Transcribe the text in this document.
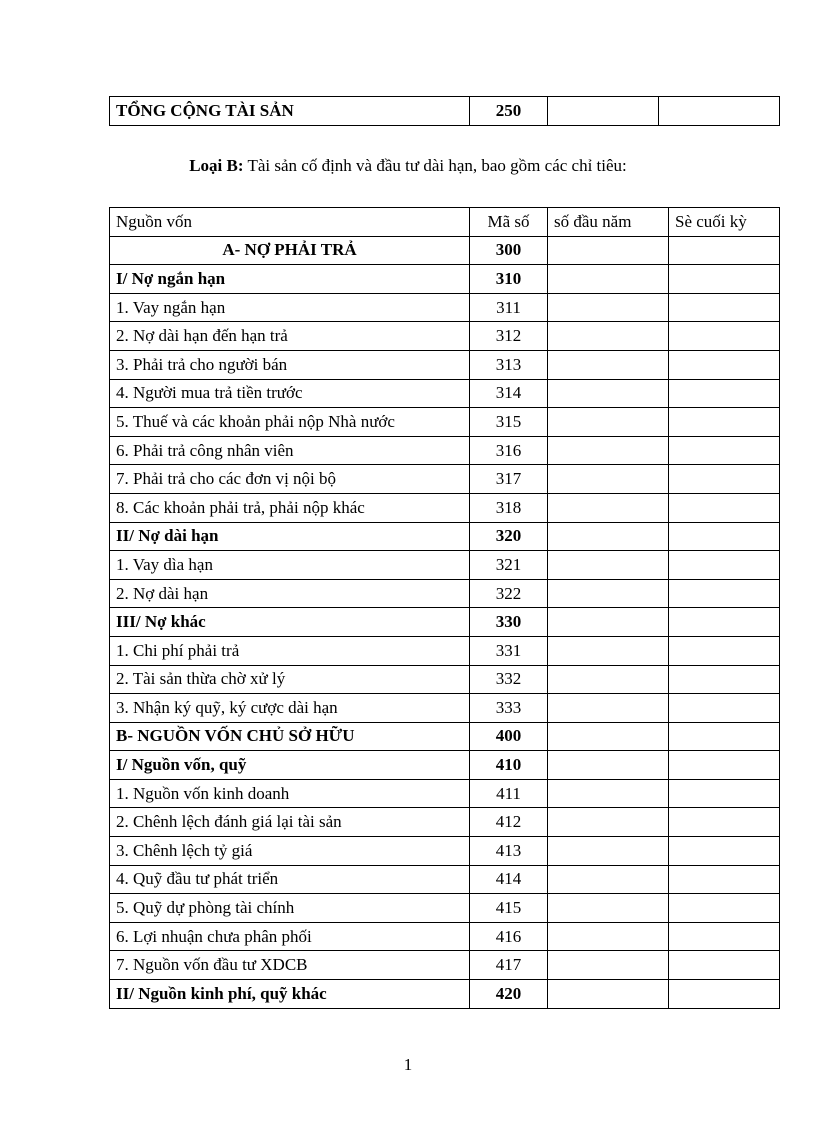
TỔNG CỘNG TÀI SẢN	250		
Loại B: Tài sản cố định và đầu tư dài hạn, bao gồm các chỉ tiêu:
Nguồn vốn	Mã số	số đầu năm	Sè cuối kỳ
A- NỢ PHẢI TRẢ	300		
I/ Nợ ngắn hạn	310		
1. Vay ngắn hạn	311		
2. Nợ dài hạn đến hạn trả	312		
3. Phải trả cho người bán	313		
4. Người mua trả tiền trước	314		
5. Thuế và các khoản phải nộp Nhà nước	315		
6. Phải trả công nhân viên	316		
7. Phải trả cho các đơn vị nội bộ	317		
8. Các khoản phải trả, phải nộp khác	318		
II/ Nợ dài hạn	320		
1. Vay dìa hạn	321		
2. Nợ dài hạn	322		
III/ Nợ khác	330		
1. Chi phí phải trả	331		
2. Tài sản thừa chờ xử lý	332		
3. Nhận ký quỹ, ký cược dài hạn	333		
B- NGUỒN VỐN CHỦ SỞ HỮU	400		
I/ Nguồn vốn, quỹ	410		
1. Nguồn vốn kinh doanh	411		
2. Chênh lệch đánh giá lại tài sản	412		
3. Chênh lệch tỷ giá	413		
4. Quỹ đầu tư phát triển	414		
5. Quỹ dự phòng tài chính	415		
6. Lợi nhuận chưa phân phối	416		
7. Nguồn vốn đầu tư XDCB	417		
II/ Nguồn kinh phí, quỹ khác	420		
1
